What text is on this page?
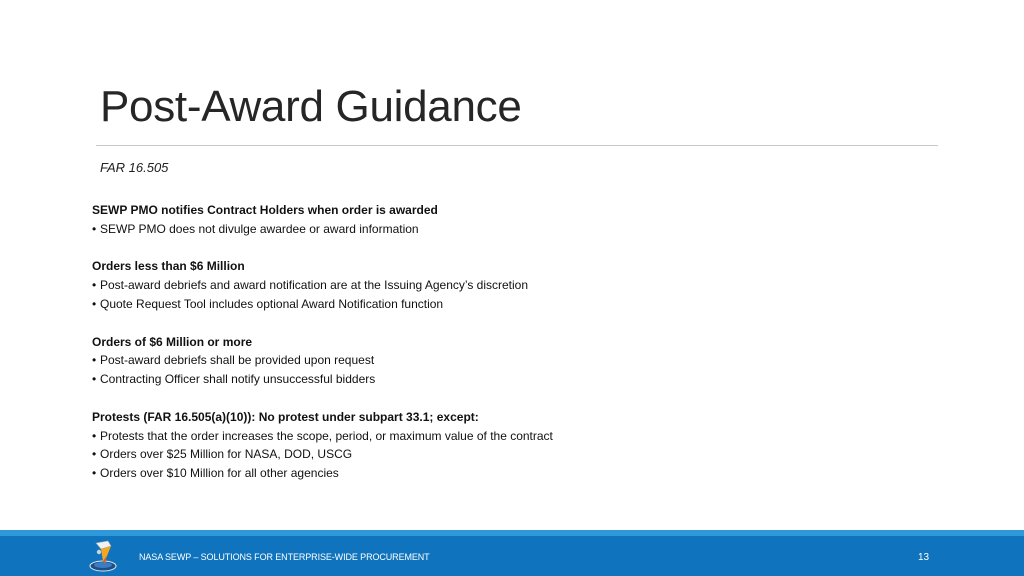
Post-Award Guidance
FAR 16.505
SEWP PMO notifies Contract Holders when order is awarded
• SEWP PMO does not divulge awardee or award information
Orders less than $6 Million
• Post-award debriefs and award notification are at the Issuing Agency’s discretion
• Quote Request Tool includes optional Award Notification function
Orders of $6 Million or more
• Post-award debriefs shall be provided upon request
• Contracting Officer shall notify unsuccessful bidders
Protests (FAR 16.505(a)(10)): No protest under subpart 33.1; except:
• Protests that the order increases the scope, period, or maximum value of the contract
• Orders over $25 Million for NASA, DOD, USCG
• Orders over $10 Million for all other agencies
NASA SEWP – SOLUTIONS FOR ENTERPRISE-WIDE PROCUREMENT	13
